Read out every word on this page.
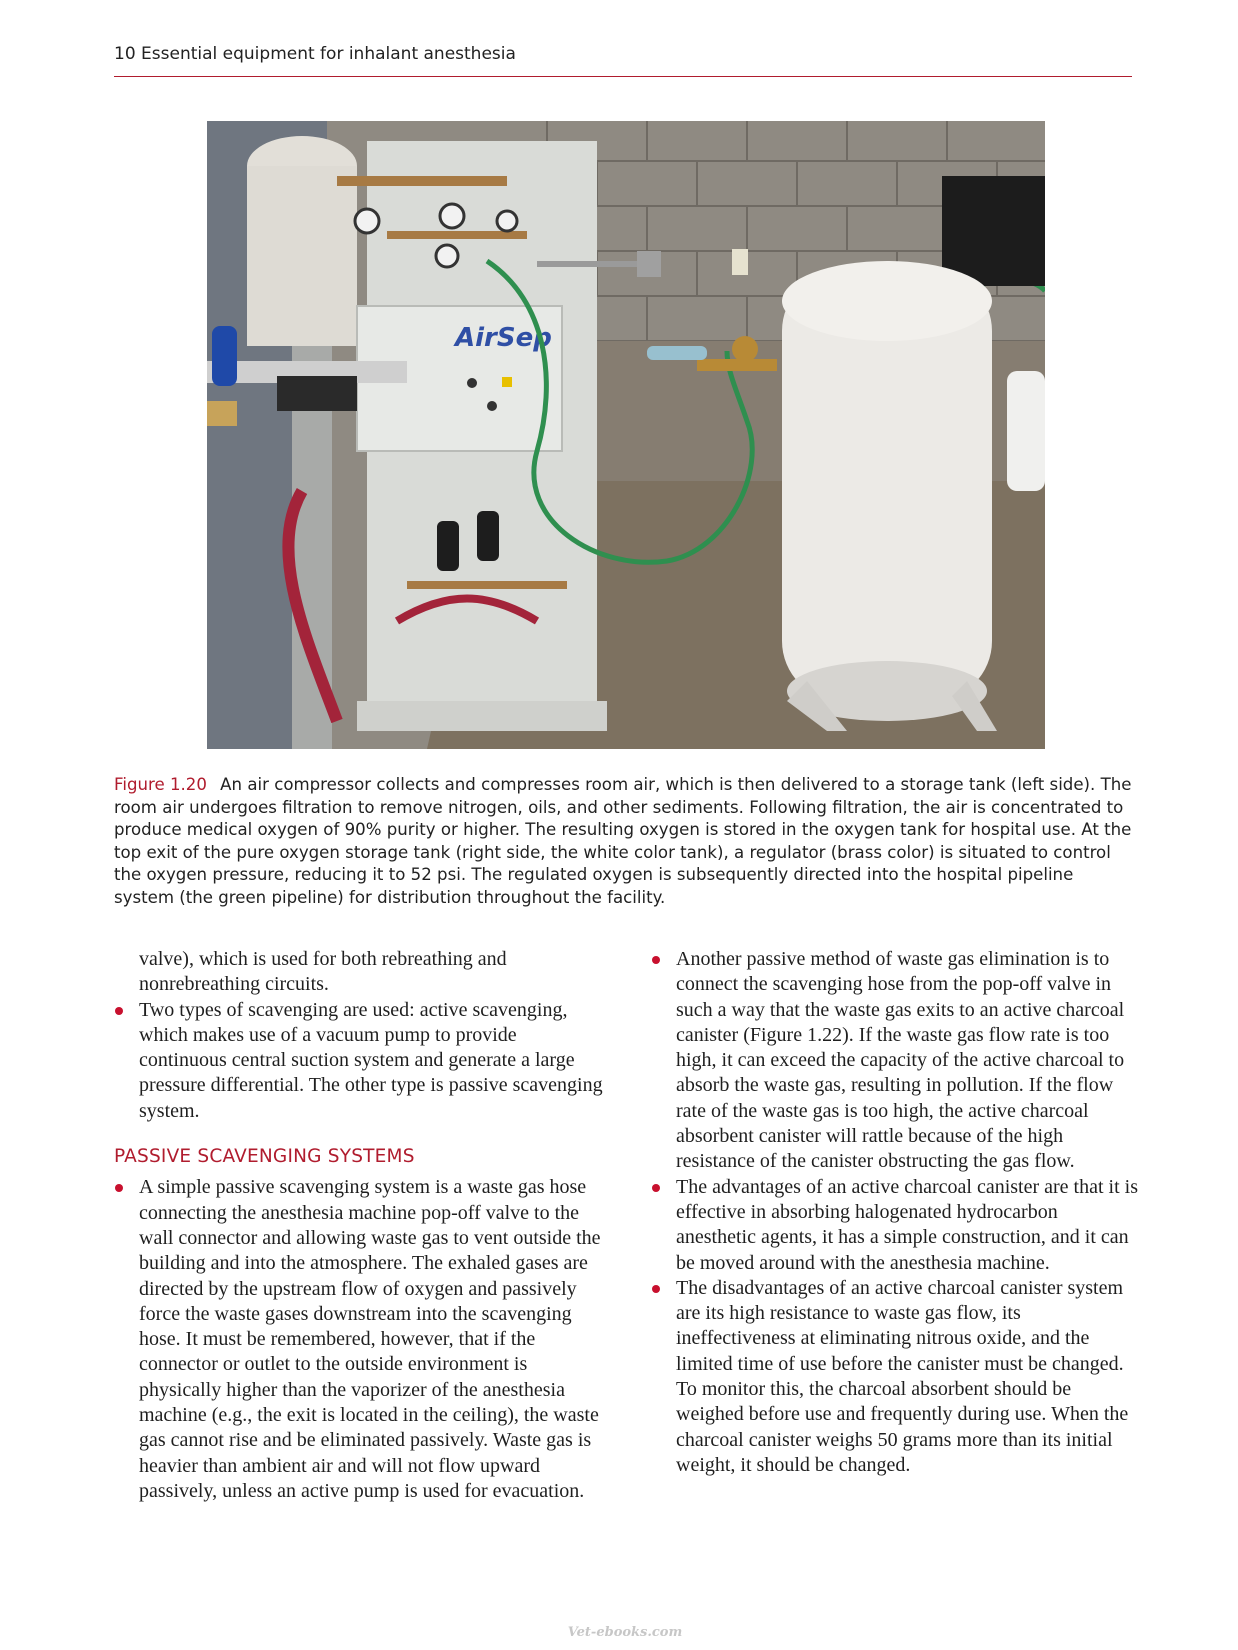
10 Essential equipment for inhalant anesthesia
AirSep
Figure 1.20 An air compressor collects and compresses room air, which is then delivered to a storage tank (left side). The room air undergoes filtration to remove nitrogen, oils, and other sediments. Following filtration, the air is concentrated to produce medical oxygen of 90% purity or higher. The resulting oxygen is stored in the oxygen tank for hospital use. At the top exit of the pure oxygen storage tank (right side, the white color tank), a regulator (brass color) is situated to control the oxygen pressure, reducing it to 52 psi. The regulated oxygen is subsequently directed into the hospital pipeline system (the green pipeline) for distribution throughout the facility.

valve), which is used for both rebreathing and nonrebreathing circuits.

Two types of scavenging are used: active scavenging, which makes use of a vacuum pump to provide continuous central suction system and generate a large pressure differential. The other type is passive scavenging system.

PASSIVE SCAVENGING SYSTEMS

A simple passive scavenging system is a waste gas hose connecting the anesthesia machine pop-off valve to the wall connector and allowing waste gas to vent outside the building and into the atmosphere. The exhaled gases are directed by the upstream flow of oxygen and passively force the waste gases downstream into the scavenging hose. It must be remembered, however, that if the connector or outlet to the outside environment is physically higher than the vaporizer of the anesthesia machine (e.g., the exit is located in the ceiling), the waste gas cannot rise and be eliminated passively. Waste gas is heavier than ambient air and will not flow upward passively, unless an active pump is used for evacuation.

Another passive method of waste gas elimination is to connect the scavenging hose from the pop-off valve in such a way that the waste gas exits to an active charcoal canister (Figure 1.22). If the waste gas flow rate is too high, it can exceed the capacity of the active charcoal to absorb the waste gas, resulting in pollution. If the flow rate of the waste gas is too high, the active charcoal absorbent canister will rattle because of the high resistance of the canister obstructing the gas flow.

The advantages of an active charcoal canister are that it is effective in absorbing halogenated hydrocarbon anesthetic agents, it has a simple construction, and it can be moved around with the anesthesia machine.

The disadvantages of an active charcoal canister system are its high resistance to waste gas flow, its ineffectiveness at eliminating nitrous oxide, and the limited time of use before the canister must be changed. To monitor this, the charcoal absorbent should be weighed before use and frequently during use. When the charcoal canister weighs 50 grams more than its initial weight, it should be changed.

Vet-ebooks.com
